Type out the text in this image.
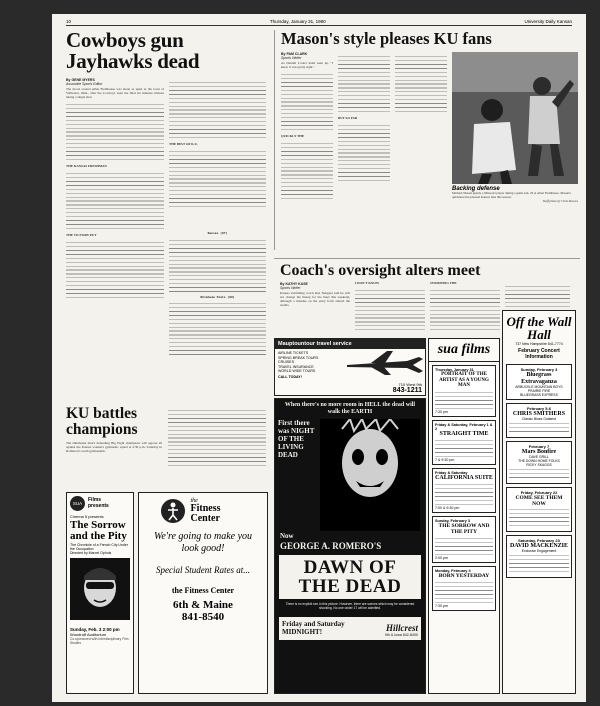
10	Thursday, January 31, 1980	University Daily Kansan
Cowboys gun Jayhawks dead
By GENE MYERS
Associate Sports Editor
The mood around Allen Fieldhouse was about as quiet as the town of Stillwater, Okla., after the Cowboys went the final six minutes without taking a single shot.
THE KANSAS FRESHMAN
THE VICTORY PUT
THE BEST OF K.U.
Kansas (67)
Oklahoma State (69)
Mason's style pleases KU fans
By PAM CLARK
Sports Writer
As Darnell Cook's hand went up, "I knew it was pretty right."
QUICKLY THE
BUT SO FAR
Backing defense
Michael Mason guards a Missouri player during a game Jan. 20 at Allen Fieldhouse. Mason's quickness has pleased Kansas fans this season.
Staff photo by Chris Reeves
Coach's oversight alters meet
By KATHY KASE
Sports Writer
Kansas swimming coach Ron Neugent said he will not change the lineup for the meet this weekend, although a mistake on the entry form altered the results.
I DON'T KNOW	SWIMMING THE
KU battles champions
The Oklahoma men's defending Big Eight champions will oppose all against the Kansas women's gymnastic squad at 2:30 p.m. Saturday in Robinson's south gymnasium.
SUA
Films
presents
Cinema 5 presents
The Sorrow and the Pity
The Chronicle of a French City Under the Occupation
Directed by Marcel Ophuls
Sunday, Feb. 3 2:00 pm
Woodruff Auditorium
Co-sponsored with Interdisciplinary Film Studies
the
Fitness Center
We're going to make you look good!
Special Student Rates at...
the Fitness Center
6th & Maine
841-8540
Mauptountour travel service
AIRLINE TICKETS
SPRING BREAK TOURS
CRUISES
TRAVEL INSURANCE
WORLD WIDE TOURS
CALL TODAY!
710 West 9th
843-1211
When there's no more room in HELL the dead will walk the EARTH
First there was NIGHT OF THE LIVING DEAD
Now
GEORGE A. ROMERO'S
DAWN OF THE DEAD
There is no explicit sex in this picture. However, there are scenes which may be considered shocking. No one under 17 will be admitted.
Friday and Saturday MIDNIGHT!	Hillcrest
9th & Iowa 842-8400
sua films
Thursday, January 31
PORTRAIT OF THE ARTIST AS A YOUNG MAN
7:30 pm
Friday & Saturday, February 1 & 2
STRAIGHT TIME
7 & 9:30 pm
Friday & Saturday
CALIFORNIA SUITE
7:00 & 9:30 pm
Sunday, February 3
THE SORROW AND THE PITY
2:00 pm
Monday, February 4
BORN YESTERDAY
7:30 pm
Off the Wall Hall
737 New Hampshire 841-7774
February Concert Information
Sunday, February 3
Bluegrass Extravaganza
ARBUCKLE MOUNTAIN BOYS
PRAIRIE FIRE
BLUEGRASS EXPRESS
February 5-6
CHRIS SMITHERS
Classic Blues Guitarist
February 7
Mars Bonfire
DAVE GRILL
THE DOWN HOME FOLKS
RICKY SKAGGS
Friday, February 22
COME SEE THEM NOW
Saturday, February 23
DAVID MACKENZIE
Exclusive Engagement
